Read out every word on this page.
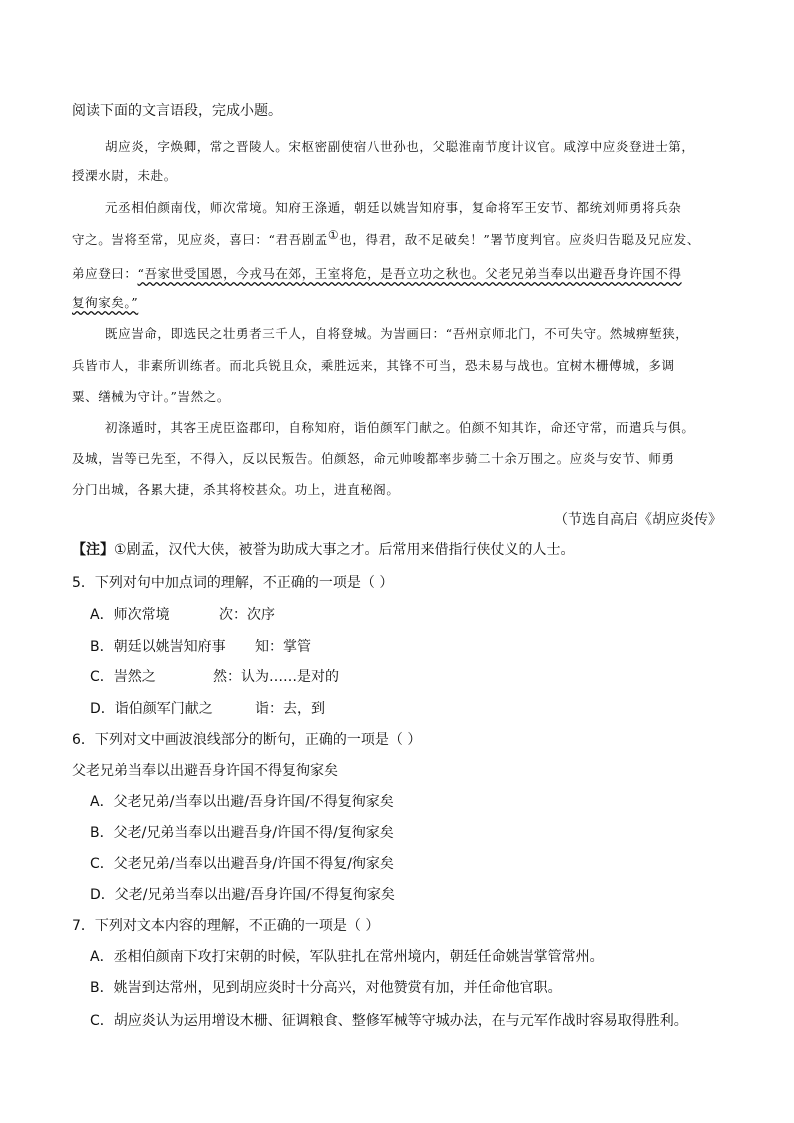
阅读下面的文言语段，完成小题。
胡应炎，字焕卿，常之晋陵人。宋枢密副使宿八世孙也，父聪淮南节度计议官。咸淳中应炎登进士第，
授溧水尉，未赴。
元丞相伯颜南伐，师次常境。知府王涤遁，朝廷以姚訔知府事，复命将军王安节、都统刘师勇将兵杂
守之。訔将至常，见应炎，喜曰：“君吾剧孟①也，得君，敌不足破矣！”署节度判官。应炎归告聪及兄应发、
弟应登曰：“吾家世受国恩，今戎马在郊，王室将危，是吾立功之秋也。父老兄弟当奉以出避吾身许国不得
复徇家矣。”
既应訔命，即选民之壮勇者三千人，自将登城。为訔画曰：“吾州京师北门，不可失守。然城痹堑狭，
兵皆市人，非素所训练者。而北兵锐且众，乘胜远来，其锋不可当，恐未易与战也。宜树木栅傅城，多调
粟、缮械为守计。”訔然之。
初涤遁时，其客王虎臣盗郡印，自称知府，诣伯颜军门献之。伯颜不知其诈，命还守常，而遣兵与俱。
及城，訔等已先至，不得入，反以民叛告。伯颜怒，命元帅唆都率步骑二十余万围之。应炎与安节、师勇
分门出城，各累大捷，杀其将校甚众。功上，进直秘阁。
（节选自高启《胡应炎传》
【注】①剧孟，汉代大侠，被誉为助成大事之才。后常用来借指行侠仗义的人士。
5．下列对句中加点词的理解，不正确的一项是（ ）
A．师次常境	次：次序
B．朝廷以姚訔知府事 知：掌管
C．訔然之	然：认为……是对的
D．诣伯颜军门献之	诣：去，到
6．下列对文中画波浪线部分的断句，正确的一项是（ ）
父老兄弟当奉以出避吾身许国不得复徇家矣
A．父老兄弟/当奉以出避/吾身许国/不得复徇家矣
B．父老/兄弟当奉以出避吾身/许国不得/复徇家矣
C．父老兄弟/当奉以出避吾身/许国不得复/徇家矣
D．父老/兄弟当奉以出避/吾身许国/不得复徇家矣
7．下列对文本内容的理解，不正确的一项是（ ）
A．丞相伯颜南下攻打宋朝的时候，军队驻扎在常州境内，朝廷任命姚訔掌管常州。
B．姚訔到达常州，见到胡应炎时十分高兴，对他赞赏有加，并任命他官职。
C．胡应炎认为运用增设木栅、征调粮食、整修军械等守城办法，在与元军作战时容易取得胜利。
